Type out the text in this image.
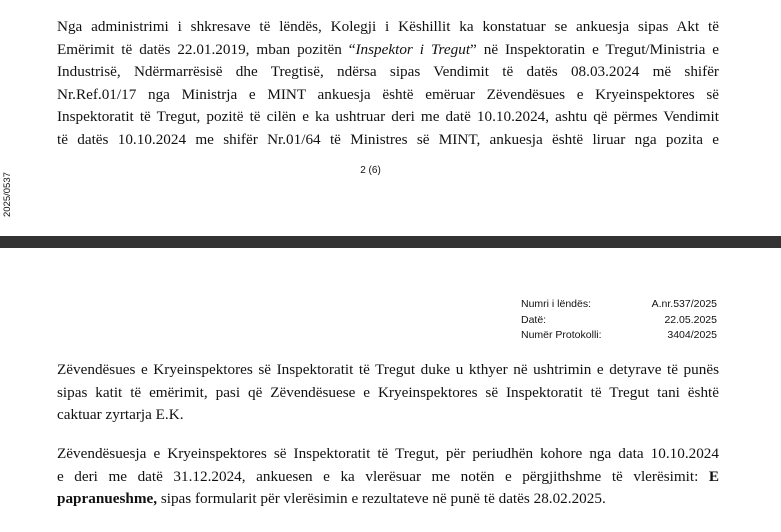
2025/0537
Nga administrimi i shkresave të lëndës, Kolegji i Këshillit ka konstatuar se ankuesja sipas Akt të
Emërimit të datës 22.01.2019, mban pozitën “Inspektor i Tregut” në Inspektoratin e Tregut/Ministria e
Industrisë, Ndërmarrësisë dhe Tregtisë, ndërsa sipas Vendimit të datës 08.03.2024 më shifër
Nr.Ref.01/17 nga Ministrja e MINT ankuesja është emëruar Zëvendësues e Kryeinspektores së
Inspektoratit të Tregut, pozitë të cilën e ka ushtruar deri me datë 10.10.2024, ashtu që përmes Vendimit
të datës 10.10.2024 me shifër Nr.01/64 të Ministres së MINT, ankuesja është liruar nga pozita e
2 (6)
Numri i lëndës:	A.nr.537/2025
Datë:	22.05.2025
Numër Protokolli:	3404/2025
Zëvendësues e Kryeinspektores së Inspektoratit të Tregut duke u kthyer në ushtrimin e detyrave të punës
sipas katit të emërimit, pasi që Zëvendësuese e Kryeinspektores së Inspektoratit të Tregut tani është
caktuar zyrtarja E.K.
Zëvendësuesja e Kryeinspektores së Inspektoratit të Tregut, për periudhën kohore nga data 10.10.2024
e deri me datë 31.12.2024, ankuesen e ka vlerësuar me notën e përgjithshme të vlerësimit: E
papranueshme, sipas formularit për vlerësimin e rezultateve në punë të datës 28.02.2025.
